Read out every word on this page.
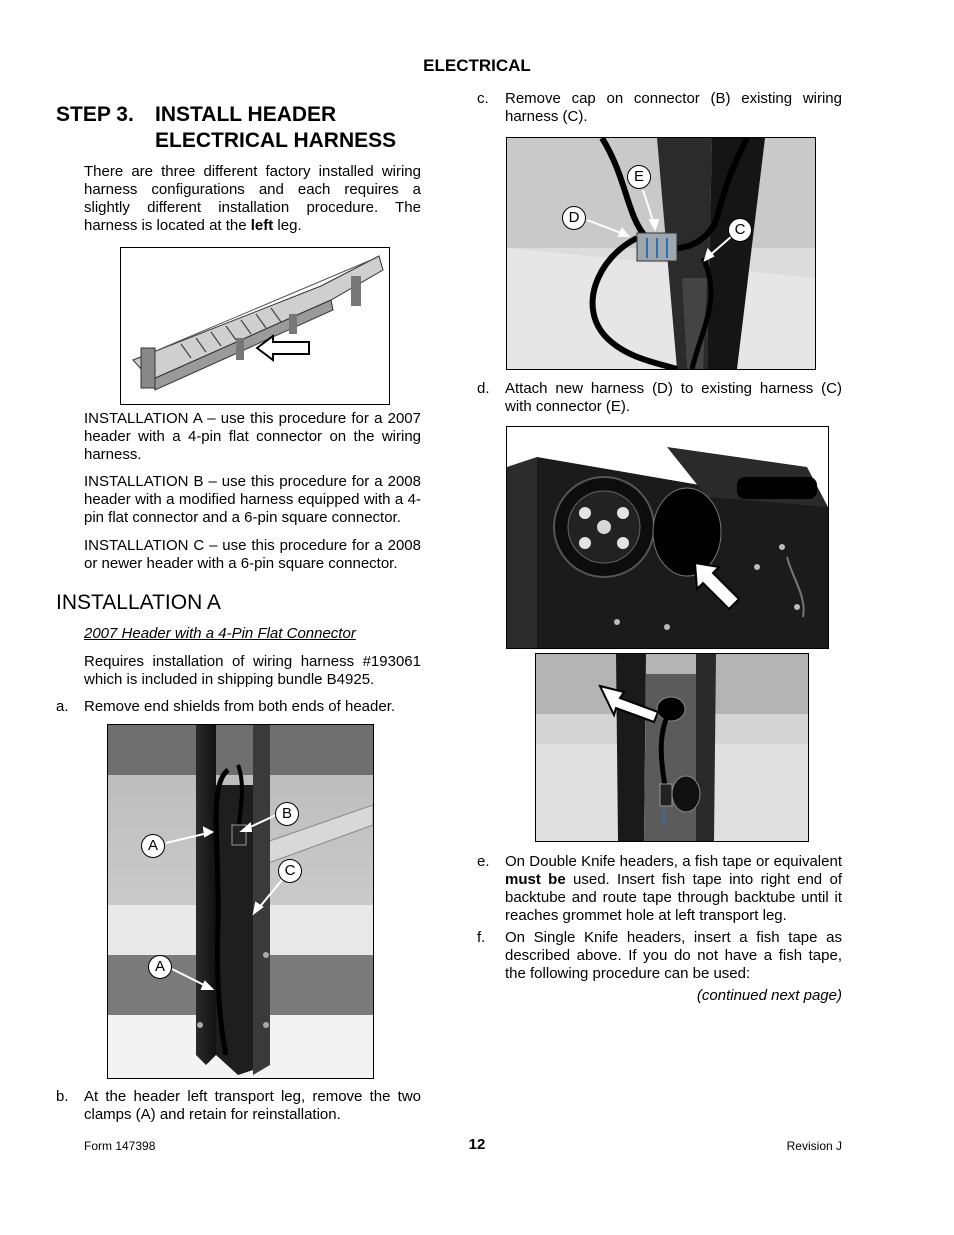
ELECTRICAL
STEP 3. INSTALL HEADER
ELECTRICAL HARNESS
There are three different factory installed wiring harness configurations and each requires a slightly different installation procedure. The harness is located at the left leg.
INSTALLATION A – use this procedure for a 2007 header with a 4-pin flat connector on the wiring harness.
INSTALLATION B – use this procedure for a 2008 header with a modified harness equipped with a 4-pin flat connector and a 6-pin square connector.
INSTALLATION C – use this procedure for a 2008 or newer header with a 6-pin square connector.
INSTALLATION A
2007 Header with a 4-Pin Flat Connector
Requires installation of wiring harness #193061 which is included in shipping bundle B4925.
a. Remove end shields from both ends of header.
B
A
C
A
b. At the header left transport leg, remove the two clamps (A) and retain for reinstallation.
c. Remove cap on connector (B) existing wiring harness (C).
E
D
C
d. Attach new harness (D) to existing harness (C) with connector (E).
e. On Double Knife headers, a fish tape or equivalent must be used. Insert fish tape into right end of backtube and route tape through backtube until it reaches grommet hole at left transport leg.
f. On Single Knife headers, insert a fish tape as described above. If you do not have a fish tape, the following procedure can be used:
(continued next page)
Form 147398	12	Revision J
